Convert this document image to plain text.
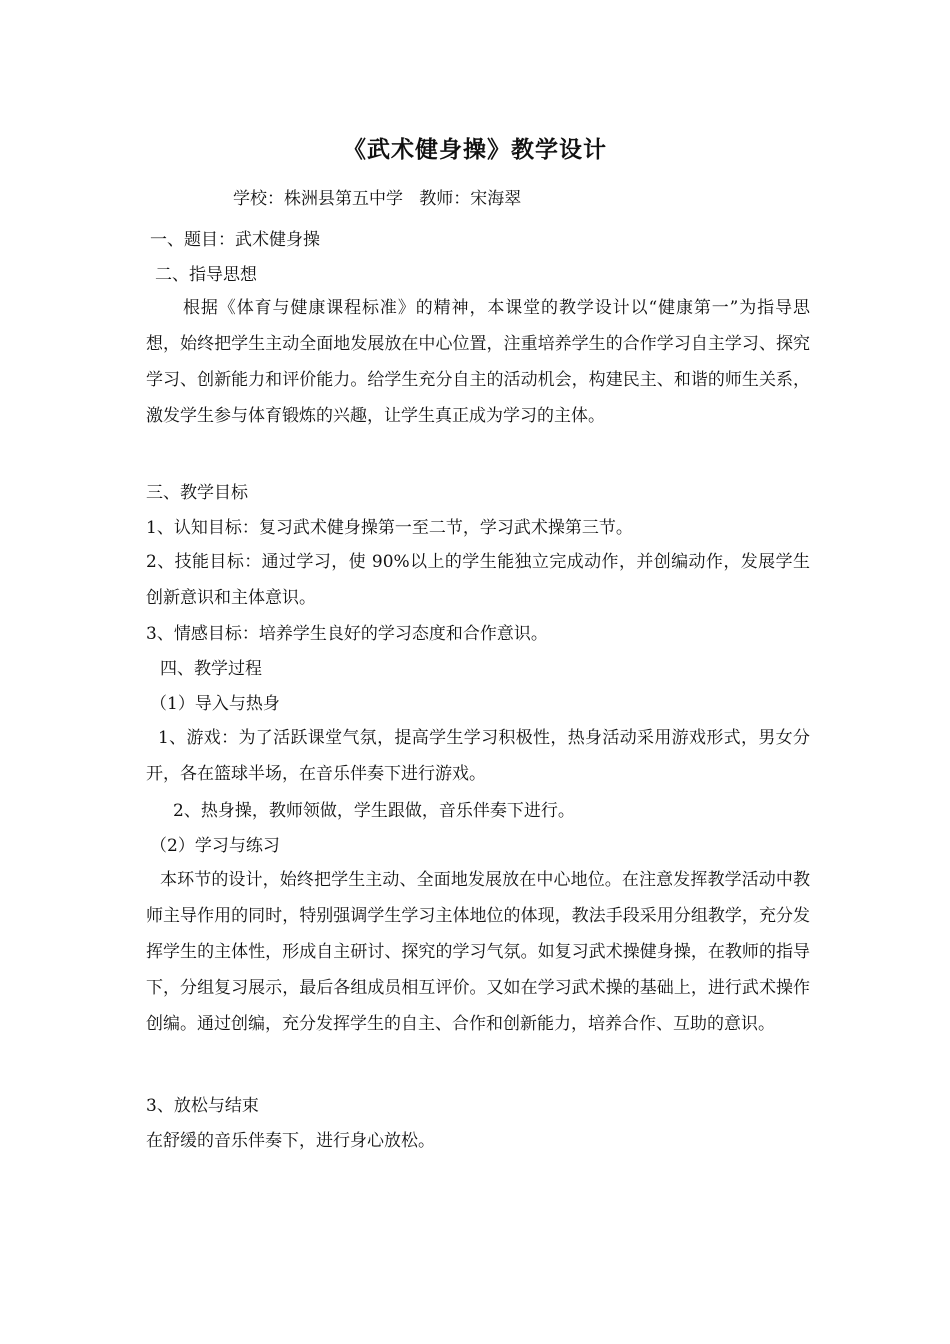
《武术健身操》教学设计
学校：株洲县第五中学   教师：宋海翠
一、题目：武术健身操
二、指导思想
根据《体育与健康课程标准》的精神，本课堂的教学设计以“健康第一”为指导思想，始终把学生主动全面地发展放在中心位置，注重培养学生的合作学习自主学习、探究学习、创新能力和评价能力。给学生充分自主的活动机会，构建民主、和谐的师生关系，激发学生参与体育锻炼的兴趣，让学生真正成为学习的主体。
三、教学目标
1、认知目标：复习武术健身操第一至二节，学习武术操第三节。
2、技能目标：通过学习，使 90%以上的学生能独立完成动作，并创编动作，发展学生创新意识和主体意识。
3、情感目标：培养学生良好的学习态度和合作意识。
四、教学过程
（1）导入与热身
1、游戏：为了活跃课堂气氛，提高学生学习积极性，热身活动采用游戏形式，男女分开，各在篮球半场，在音乐伴奏下进行游戏。
2、热身操，教师领做，学生跟做，音乐伴奏下进行。
（2）学习与练习
本环节的设计，始终把学生主动、全面地发展放在中心地位。在注意发挥教学活动中教师主导作用的同时，特别强调学生学习主体地位的体现，教法手段采用分组教学，充分发挥学生的主体性，形成自主研讨、探究的学习气氛。如复习武术操健身操，在教师的指导下，分组复习展示，最后各组成员相互评价。又如在学习武术操的基础上，进行武术操作创编。通过创编，充分发挥学生的自主、合作和创新能力，培养合作、互助的意识。
3、放松与结束
在舒缓的音乐伴奏下，进行身心放松。
